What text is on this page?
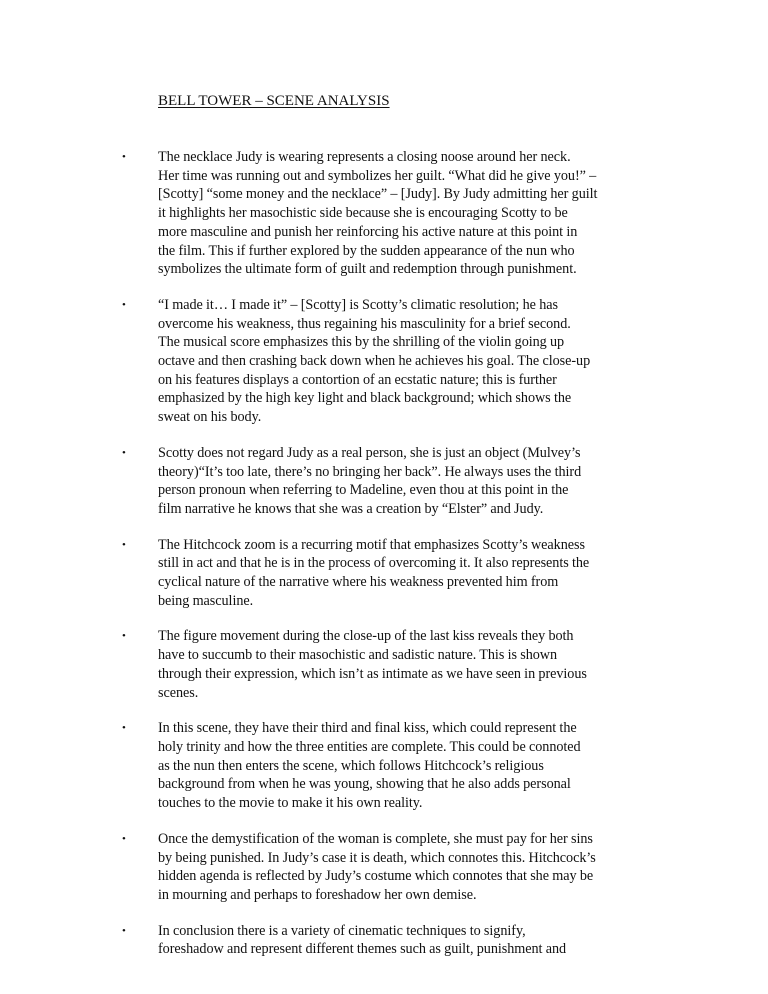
BELL TOWER – SCENE ANALYSIS
• The necklace Judy is wearing represents a closing noose around her neck.
Her time was running out and symbolizes her guilt. “What did he give you!” –
[Scotty] “some money and the necklace” – [Judy]. By Judy admitting her guilt
it highlights her masochistic side because she is encouraging Scotty to be
more masculine and punish her reinforcing his active nature at this point in
the film. This if further explored by the sudden appearance of the nun who
symbolizes the ultimate form of guilt and redemption through punishment.
• “I made it… I made it” – [Scotty] is Scotty’s climatic resolution; he has
overcome his weakness, thus regaining his masculinity for a brief second.
The musical score emphasizes this by the shrilling of the violin going up
octave and then crashing back down when he achieves his goal. The close-up
on his features displays a contortion of an ecstatic nature; this is further
emphasized by the high key light and black background; which shows the
sweat on his body.
• Scotty does not regard Judy as a real person, she is just an object (Mulvey’s
theory)“It’s too late, there’s no bringing her back”. He always uses the third
person pronoun when referring to Madeline, even thou at this point in the
film narrative he knows that she was a creation by “Elster” and Judy.
• The Hitchcock zoom is a recurring motif that emphasizes Scotty’s weakness
still in act and that he is in the process of overcoming it. It also represents the
cyclical nature of the narrative where his weakness prevented him from
being masculine.
• The figure movement during the close-up of the last kiss reveals they both
have to succumb to their masochistic and sadistic nature. This is shown
through their expression, which isn’t as intimate as we have seen in previous
scenes.
• In this scene, they have their third and final kiss, which could represent the
holy trinity and how the three entities are complete. This could be connoted
as the nun then enters the scene, which follows Hitchcock’s religious
background from when he was young, showing that he also adds personal
touches to the movie to make it his own reality.
• Once the demystification of the woman is complete, she must pay for her sins
by being punished. In Judy’s case it is death, which connotes this. Hitchcock’s
hidden agenda is reflected by Judy’s costume which connotes that she may be
in mourning and perhaps to foreshadow her own demise.
• In conclusion there is a variety of cinematic techniques to signify,
foreshadow and represent different themes such as guilt, punishment and
